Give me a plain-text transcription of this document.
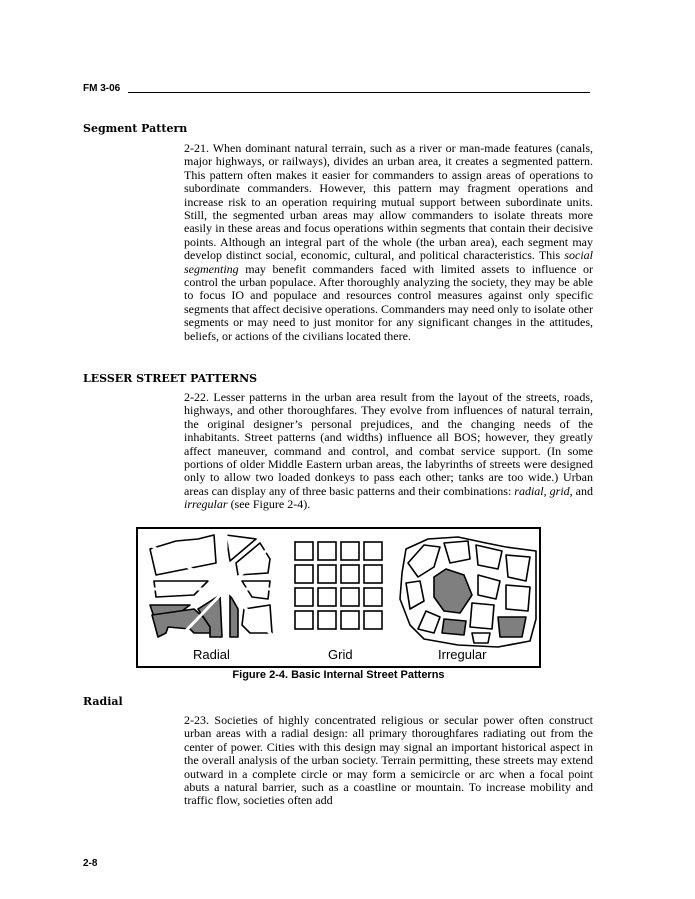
FM 3-06
Segment Pattern

2-21. When dominant natural terrain, such as a river or man-made features (canals, major highways, or railways), divides an urban area, it creates a segmented pattern. This pattern often makes it easier for commanders to assign areas of operations to subordinate commanders. However, this pattern may fragment operations and increase risk to an operation requiring mutual support between subordinate units. Still, the segmented urban areas may allow commanders to isolate threats more easily in these areas and focus operations within segments that contain their decisive points. Although an integral part of the whole (the urban area), each segment may develop distinct social, economic, cultural, and political characteristics. This social segmenting may benefit commanders faced with limited assets to influence or control the urban populace. After thoroughly analyzing the society, they may be able to focus IO and populace and resources control measures against only specific segments that affect decisive operations. Commanders may need only to isolate other segments or may need to just monitor for any significant changes in the attitudes, beliefs, or actions of the civilians located there.

LESSER STREET PATTERNS

2-22. Lesser patterns in the urban area result from the layout of the streets, roads, highways, and other thoroughfares. They evolve from influences of natural terrain, the original designer’s personal prejudices, and the changing needs of the inhabitants. Street patterns (and widths) influence all BOS; however, they greatly affect maneuver, command and control, and combat service support. (In some portions of older Middle Eastern urban areas, the labyrinths of streets were designed only to allow two loaded donkeys to pass each other; tanks are too wide.) Urban areas can display any of three basic patterns and their combinations: radial, grid, and irregular (see Figure 2-4).

Radial	Grid	Irregular
Figure 2-4. Basic Internal Street Patterns
Radial

2-23. Societies of highly concentrated religious or secular power often construct urban areas with a radial design: all primary thoroughfares radiating out from the center of power. Cities with this design may signal an important historical aspect in the overall analysis of the urban society. Terrain permitting, these streets may extend outward in a complete circle or may form a semicircle or arc when a focal point abuts a natural barrier, such as a coastline or mountain. To increase mobility and traffic flow, societies often add

2-8
